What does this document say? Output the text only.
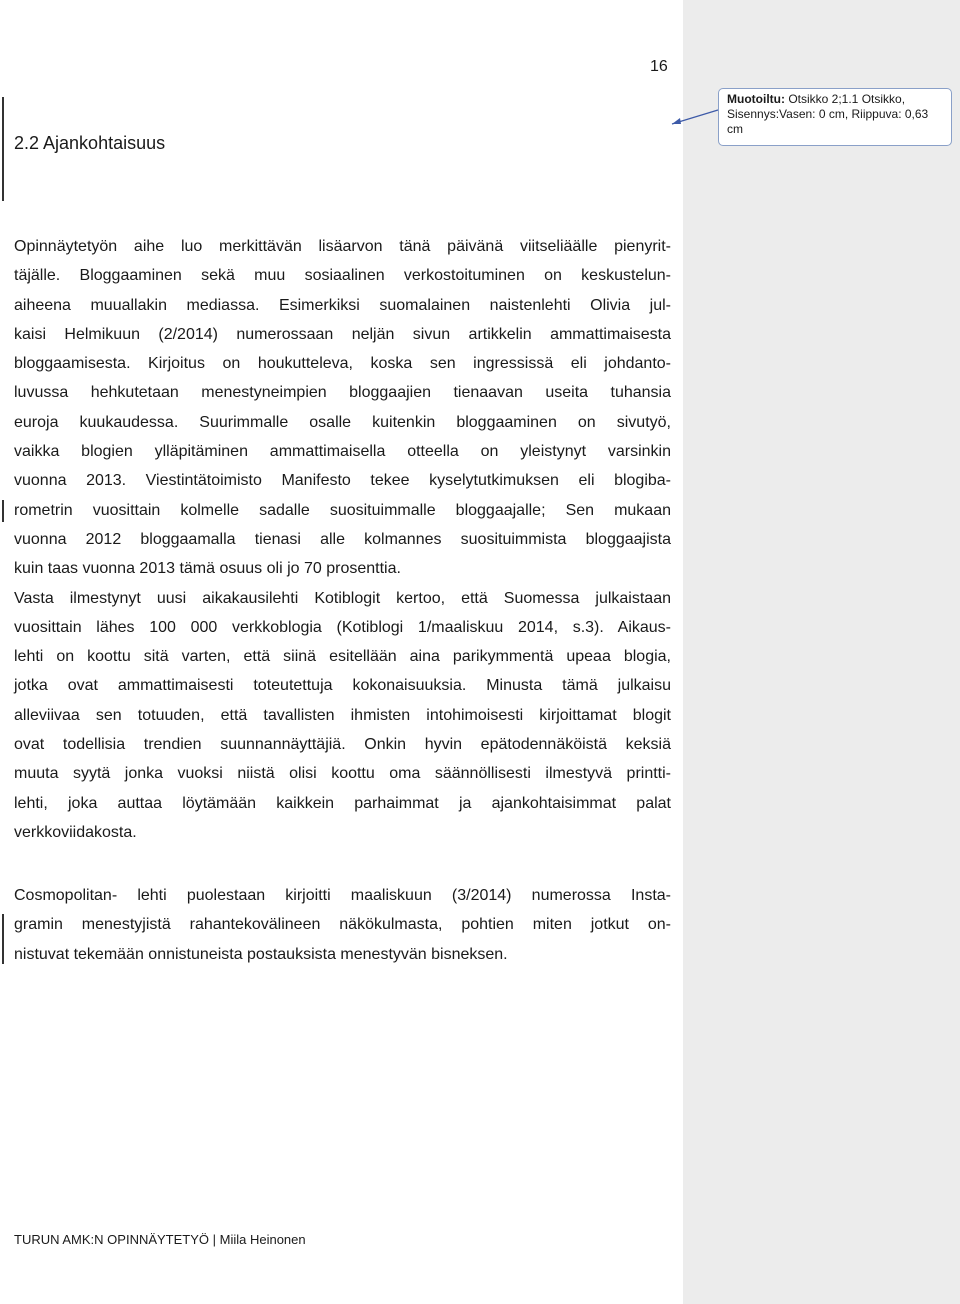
16
2.2 Ajankohtaisuus
Opinnäytetyön aihe luo merkittävän lisäarvon tänä päivänä viitseliäälle pienyrit-
täjälle. Bloggaaminen sekä muu sosiaalinen verkostoituminen on keskustelun-
aiheena muuallakin mediassa. Esimerkiksi suomalainen naistenlehti Olivia jul-
kaisi Helmikuun (2/2014) numerossaan neljän sivun artikkelin ammattimaisesta
bloggaamisesta. Kirjoitus on houkutteleva, koska sen ingressissä eli johdanto-
luvussa hehkutetaan menestyneimpien bloggaajien tienaavan useita tuhansia
euroja kuukaudessa. Suurimmalle osalle kuitenkin bloggaaminen on sivutyö,
vaikka blogien ylläpitäminen ammattimaisella otteella on yleistynyt varsinkin
vuonna 2013. Viestintätoimisto Manifesto tekee kyselytutkimuksen eli blogiba-
rometrin vuosittain kolmelle sadalle suosituimmalle bloggaajalle; Sen mukaan
vuonna 2012 bloggaamalla tienasi alle kolmannes suosituimmista bloggaajista
kuin taas vuonna 2013 tämä osuus oli jo 70 prosenttia.
Vasta ilmestynyt uusi aikakausilehti Kotiblogit kertoo, että Suomessa julkaistaan
vuosittain lähes 100 000 verkkoblogia (Kotiblogi 1/maaliskuu 2014, s.3). Aikaus-
lehti on koottu sitä varten, että siinä esitellään aina parikymmentä upeaa blogia,
jotka ovat ammattimaisesti toteutettuja kokonaisuuksia. Minusta tämä julkaisu
alleviivaa sen totuuden, että tavallisten ihmisten intohimoisesti kirjoittamat blogit
ovat todellisia trendien suunnannäyttäjiä. Onkin hyvin epätodennäköistä keksiä
muuta syytä jonka vuoksi niistä olisi koottu oma säännöllisesti ilmestyvä printti-
lehti, joka auttaa löytämään kaikkein parhaimmat ja ajankohtaisimmat palat
verkkoviidakosta.
Cosmopolitan- lehti puolestaan kirjoitti maaliskuun (3/2014) numerossa Insta-
gramin menestyjistä rahantekovälineen näkökulmasta, pohtien miten jotkut on-
nistuvat tekemään onnistuneista postauksista menestyvän bisneksen.
TURUN AMK:N OPINNÄYTETYÖ | Miila Heinonen
Muotoiltu: Otsikko 2;1.1 Otsikko,
Sisennys:Vasen: 0 cm, Riippuva: 0,63
cm
